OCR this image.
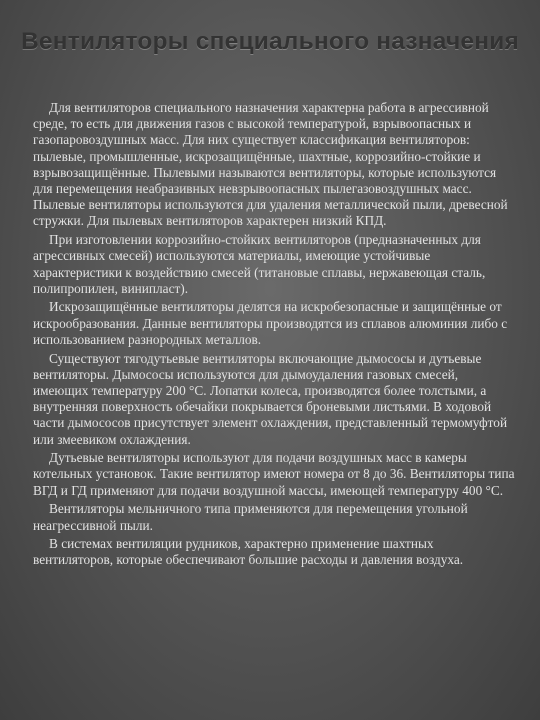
Вентиляторы специального назначения

Для вентиляторов специального назначения характерна работа в агрессивной среде, то есть для движения газов с высокой температурой, взрывоопасных и газопаровоздушных масс. Для них существует классификация вентиляторов: пылевые, промышленные, искрозащищённые, шахтные, коррозийно-стойкие и взрывозащищённые. Пылевыми называются вентиляторы, которые используются для перемещения неабразивных невзрывоопасных пылегазовоздушных масс. Пылевые вентиляторы используются для удаления металлической пыли, древесной стружки. Для пылевых вентиляторов характерен низкий КПД.

При изготовлении коррозийно-стойких вентиляторов (предназначенных для агрессивных смесей) используются материалы, имеющие устойчивые характеристики к воздействию смесей (титановые сплавы, нержавеющая сталь, полипропилен, винипласт).

Искрозащищённые вентиляторы делятся на искробезопасные и защищённые от искрообразования. Данные вентиляторы производятся из сплавов алюминия либо с использованием разнородных металлов.

Существуют тягодутьевые вентиляторы включающие дымососы и дутьевые вентиляторы. Дымососы используются для дымоудаления газовых смесей, имеющих температуру 200 °С. Лопатки колеса, производятся более толстыми, а внутренняя поверхность обечайки покрывается броневыми листьями. В ходовой части дымососов присутствует элемент охлаждения, представленный термомуфтой или змеевиком охлаждения.

Дутьевые вентиляторы используют для подачи воздушных масс в камеры котельных установок. Такие вентилятор имеют номера от 8 до 36. Вентиляторы типа ВГД и ГД применяют для подачи воздушной массы, имеющей температуру 400 °С.

Вентиляторы мельничного типа применяются для перемещения угольной неагрессивной пыли.

В системах вентиляции рудников, характерно применение шахтных вентиляторов, которые обеспечивают большие расходы и давления воздуха.
